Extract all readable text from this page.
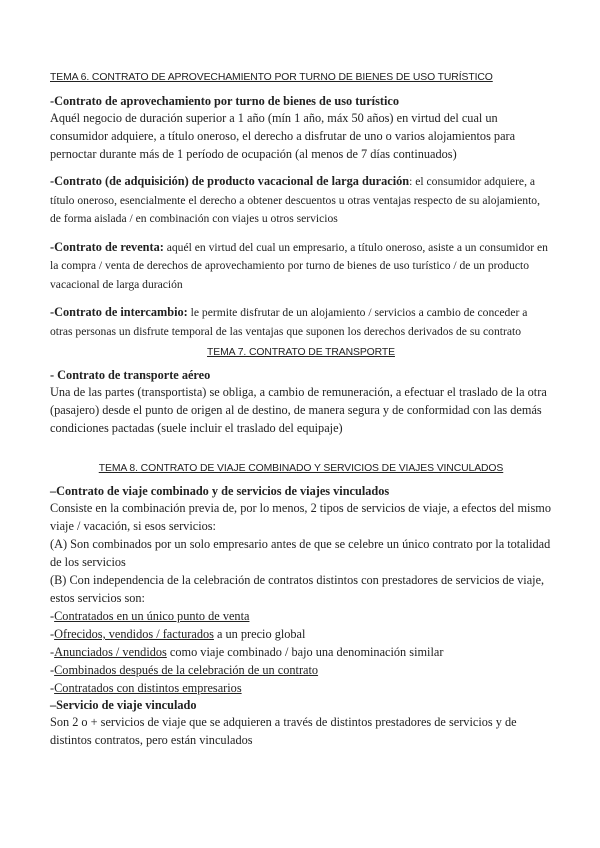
TEMA 6. CONTRATO DE APROVECHAMIENTO POR TURNO DE BIENES DE USO TURÍSTICO

-Contrato de aprovechamiento por turno de bienes de uso turístico

Aquél negocio de duración superior a 1 año (mín 1 año, máx 50 años) en virtud del cual un consumidor adquiere, a título oneroso, el derecho a disfrutar de uno o varios alojamientos para pernoctar durante más de 1 período de ocupación (al menos de 7 días continuados)

-Contrato (de adquisición) de producto vacacional de larga duración: el consumidor adquiere, a título oneroso, esencialmente el derecho a obtener descuentos u otras ventajas respecto de su alojamiento, de forma aislada / en combinación con viajes u otros servicios

-Contrato de reventa: aquél en virtud del cual un empresario, a título oneroso, asiste a un consumidor en la compra / venta de derechos de aprovechamiento por turno de bienes de uso turístico / de un producto vacacional de larga duración

-Contrato de intercambio: le permite disfrutar de un alojamiento / servicios a cambio de conceder a otras personas un disfrute temporal de las ventajas que suponen los derechos derivados de su contrato

TEMA 7. CONTRATO DE TRANSPORTE

- Contrato de transporte aéreo

Una de las partes (transportista) se obliga, a cambio de remuneración, a efectuar el traslado de la otra (pasajero) desde el punto de origen al de destino, de manera segura y de conformidad con las demás condiciones pactadas (suele incluir el traslado del equipaje)

TEMA 8. CONTRATO DE VIAJE COMBINADO Y SERVICIOS DE VIAJES VINCULADOS

–Contrato de viaje combinado y de servicios de viajes vinculados

Consiste en la combinación previa de, por lo menos, 2 tipos de servicios de viaje, a efectos del mismo viaje / vacación, si esos servicios:

(A) Son combinados por un solo empresario antes de que se celebre un único contrato por la totalidad de los servicios

(B) Con independencia de la celebración de contratos distintos con prestadores de servicios de viaje, estos servicios son:

-Contratados en un único punto de venta

-Ofrecidos, vendidos / facturados a un precio global

-Anunciados / vendidos como viaje combinado / bajo una denominación similar

-Combinados después de la celebración de un contrato

-Contratados con distintos empresarios

–Servicio de viaje vinculado

Son 2 o + servicios de viaje que se adquieren a través de distintos prestadores de servicios y de distintos contratos, pero están vinculados
